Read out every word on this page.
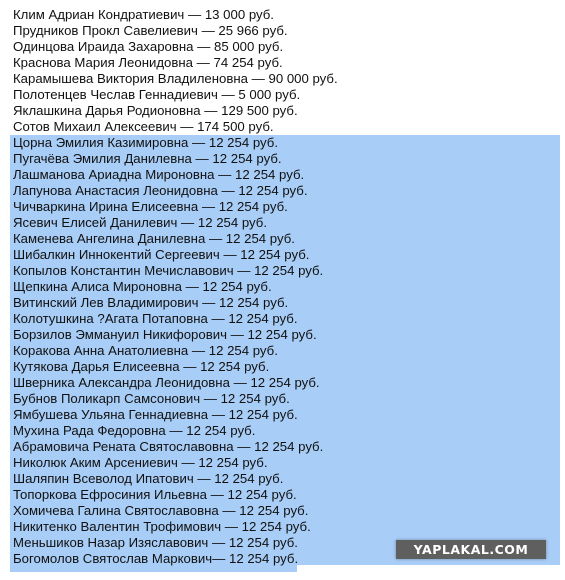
Клим Адриан Кондратиевич — 13 000 руб.
Прудников Прокл Савелиевич — 25 966 руб.
Одинцова Ираида Захаровна — 85 000 руб.
Краснова Мария Леонидовна — 74 254 руб.
Карамышева Виктория Владиленовна — 90 000 руб.
Полотенцев Чеслав Геннадиевич — 5 000 руб.
Яклашкина Дарья Родионовна — 129 500 руб.
Сотов Михаил Алексеевич — 174 500 руб.
Цорна Эмилия Казимировна — 12 254 руб.
Пугачёва Эмилия Данилевна — 12 254 руб.
Лашманова Ариадна Мироновна — 12 254 руб.
Лапунова Анастасия Леонидовна — 12 254 руб.
Чичваркина Ирина Елисеевна — 12 254 руб.
Ясевич Елисей Данилевич — 12 254 руб.
Каменева Ангелина Данилевна — 12 254 руб.
Шибалкин Иннокентий Сергеевич — 12 254 руб.
Копылов Константин Мечиславович — 12 254 руб.
Щепкина Алиса Мироновна — 12 254 руб.
Витинский Лев Владимирович — 12 254 руб.
Колотушкина ?Агата Потаповна — 12 254 руб.
Борзилов Эммануил Никифорович — 12 254 руб.
Коракова Анна Анатолиевна — 12 254 руб.
Кутякова Дарья Елисеевна — 12 254 руб.
Шверника Александра Леонидовна — 12 254 руб.
Бубнов Поликарп Самсонович — 12 254 руб.
Ямбушева Ульяна Геннадиевна — 12 254 руб.
Мухина Рада Федоровна — 12 254 руб.
Абрамовича Рената Святославовна — 12 254 руб.
Николюк Аким Арсениевич — 12 254 руб.
Шаляпин Всеволод Ипатович — 12 254 руб.
Топоркова Ефросиния Ильевна — 12 254 руб.
Хомичева Галина Святославовна — 12 254 руб.
Никитенко Валентин Трофимович — 12 254 руб.
Меньшиков Назар Изяславович — 12 254 руб.
Богомолов Святослав Маркович— 12 254 руб.
YAPLAKAL.COM
